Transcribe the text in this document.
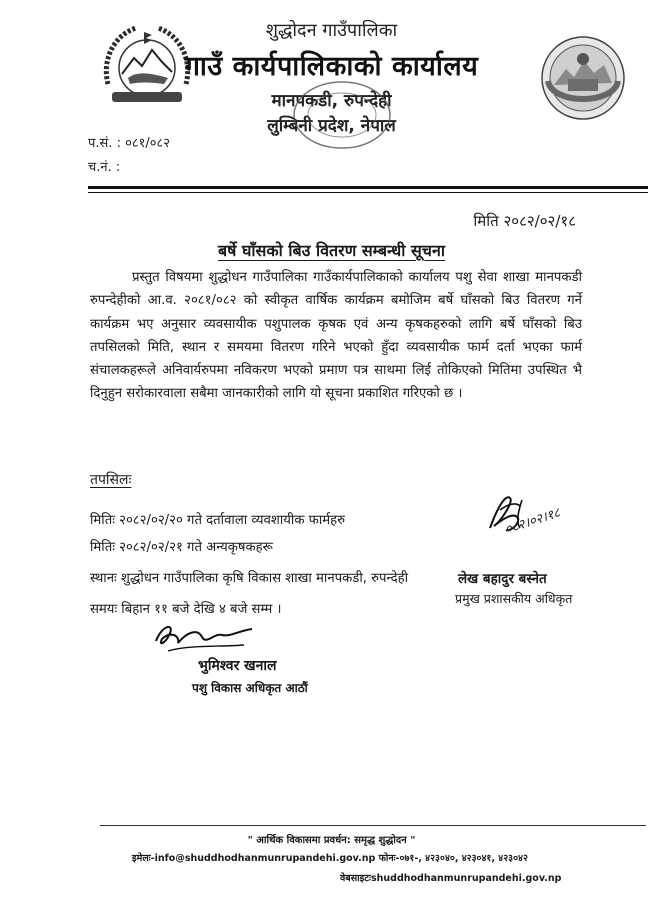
शुद्धोदन गाउँपालिका
गाउँ कार्यपालिकाको कार्यालय
मानपकडी, रुपन्देही
लुम्बिनी प्रदेश, नेपाल
प.सं. : ०८१/०८२
च.नं. :
मिति २०८२/०२/१८
बर्षे घाँसको बिउ वितरण सम्बन्धी सूचना
प्रस्तुत विषयमा शुद्धोधन गाउँपालिका गाउँकार्यपालिकाको कार्यालय पशु सेवा शाखा मानपकडी रुपन्देहीको आ.व. २०८१/०८२ को स्वीकृत वार्षिक कार्यक्रम बमोजिम बर्षे घाँसको बिउ वितरण गर्ने कार्यक्रम भए अनुसार व्यवसायीक पशुपालक कृषक एवं अन्य कृषकहरुको लागि बर्षे घाँसको बिउ तपसिलको मिति, स्थान र समयमा वितरण गरिने भएको हुँदा व्यवसायीक फार्म दर्ता भएका फार्म संचालकहरूले अनिवार्यरुपमा नविकरण भएको प्रमाण पत्र साथमा लिई तोकिएको मितिमा उपस्थित भै दिनुहुन सरोकारवाला सबैमा जानकारीको लागि यो सूचना प्रकाशित गरिएको छ ।
तपसिलः
मितिः २०८२/०२/२० गते दर्तावाला व्यवशायीक फार्महरु
मितिः २०८२/०२/२१ गते अन्यकृषकहरू
स्थानः शुद्धोधन गाउँपालिका कृषि विकास शाखा मानपकडी, रुपन्देही
समयः बिहान ११ बजे देखि ४ बजे सम्म ।
०८२।०२।१८
लेख बहादुर बस्नेत
प्रमुख प्रशासकीय अधिकृत
भुमिश्वर खनाल
पशु विकास अधिकृत आठौं
" आर्थिक विकासमा प्रवर्धन: समृद्ध शुद्धोदन "
इमेलः-info@shuddhodhanmunrupandehi.gov.np फोनः-०७१-, ४२३०४०, ४२३०४१, ४२३०४२
वेबसाइटःshuddhodhanmunrupandehi.gov.np
